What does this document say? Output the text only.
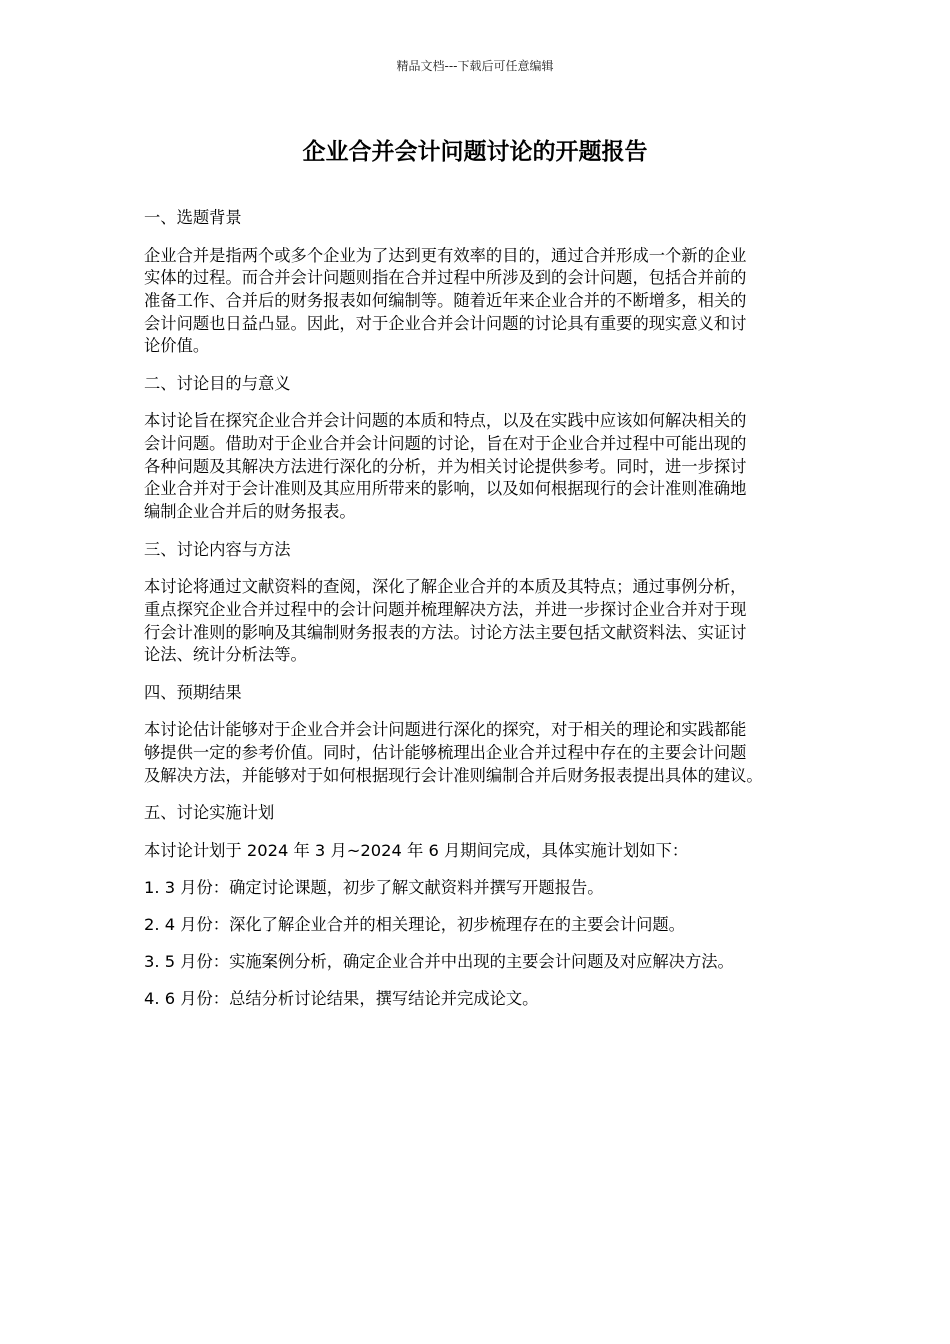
精品文档---下载后可任意编辑
企业合并会计问题讨论的开题报告

一、选题背景

企业合并是指两个或多个企业为了达到更有效率的目的，通过合并形成一个新的企业

实体的过程。而合并会计问题则指在合并过程中所涉及到的会计问题，包括合并前的

准备工作、合并后的财务报表如何编制等。随着近年来企业合并的不断增多，相关的

会计问题也日益凸显。因此，对于企业合并会计问题的讨论具有重要的现实意义和讨

论价值。

二、讨论目的与意义

本讨论旨在探究企业合并会计问题的本质和特点，以及在实践中应该如何解决相关的

会计问题。借助对于企业合并会计问题的讨论，旨在对于企业合并过程中可能出现的

各种问题及其解决方法进行深化的分析，并为相关讨论提供参考。同时，进一步探讨

企业合并对于会计准则及其应用所带来的影响，以及如何根据现行的会计准则准确地

编制企业合并后的财务报表。

三、讨论内容与方法

本讨论将通过文献资料的查阅，深化了解企业合并的本质及其特点；通过事例分析，

重点探究企业合并过程中的会计问题并梳理解决方法，并进一步探讨企业合并对于现

行会计准则的影响及其编制财务报表的方法。讨论方法主要包括文献资料法、实证讨

论法、统计分析法等。

四、预期结果

本讨论估计能够对于企业合并会计问题进行深化的探究，对于相关的理论和实践都能

够提供一定的参考价值。同时，估计能够梳理出企业合并过程中存在的主要会计问题

及解决方法，并能够对于如何根据现行会计准则编制合并后财务报表提出具体的建议。

五、讨论实施计划

本讨论计划于 2024 年 3 月~2024 年 6 月期间完成，具体实施计划如下：

1. 3 月份：确定讨论课题，初步了解文献资料并撰写开题报告。

2. 4 月份：深化了解企业合并的相关理论，初步梳理存在的主要会计问题。

3. 5 月份：实施案例分析，确定企业合并中出现的主要会计问题及对应解决方法。

4. 6 月份：总结分析讨论结果，撰写结论并完成论文。
